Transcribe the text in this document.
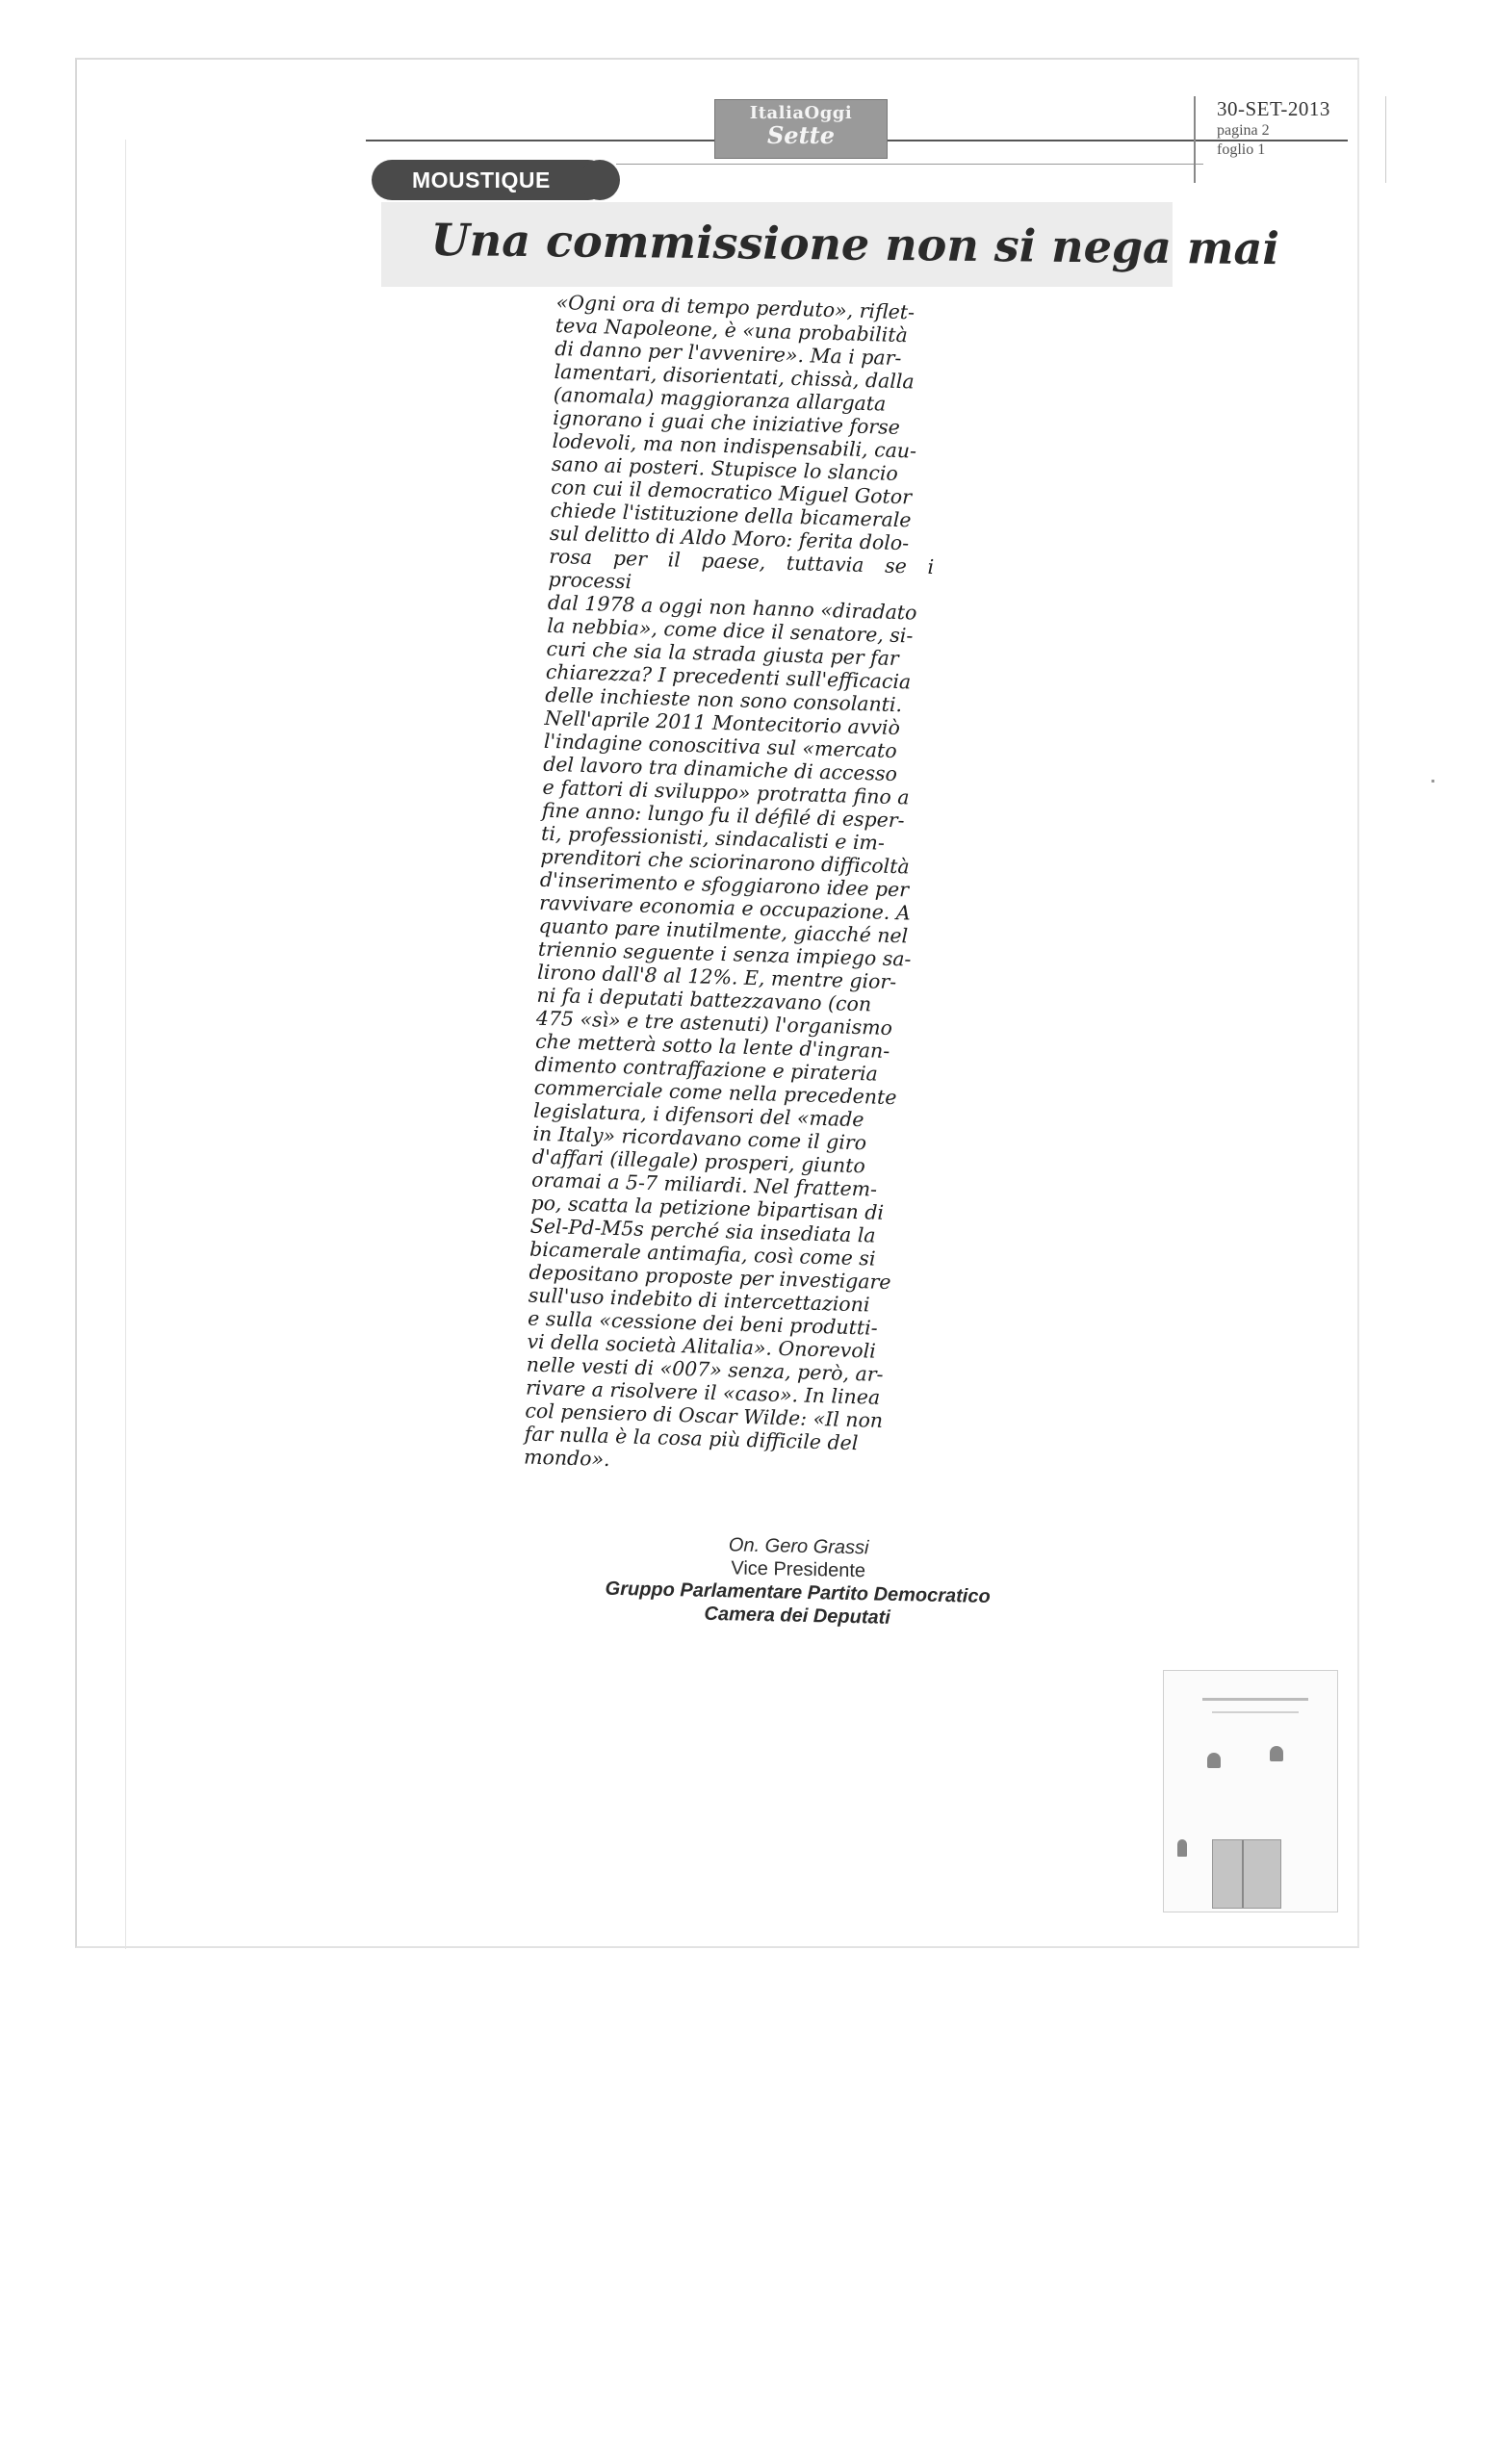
ItaliaOggi
Sette
30-SET-2013
pagina 2
foglio 1
MOUSTIQUE
Una commissione non si nega mai

«Ogni ora di tempo perduto», riflet-
teva Napoleone, è «una probabilità
di danno per l'avvenire». Ma i par-
lamentari, disorientati, chissà, dalla
(anomala) maggioranza allargata
ignorano i guai che iniziative forse
lodevoli, ma non indispensabili, cau-
sano ai posteri. Stupisce lo slancio
con cui il democratico Miguel Gotor
chiede l'istituzione della bicamerale
sul delitto di Aldo Moro: ferita dolo-
rosa per il paese, tuttavia se i processi
dal 1978 a oggi non hanno «diradato
la nebbia», come dice il senatore, si-
curi che sia la strada giusta per far
chiarezza? I precedenti sull'efficacia
delle inchieste non sono consolanti.
Nell'aprile 2011 Montecitorio avviò
l'indagine conoscitiva sul «mercato
del lavoro tra dinamiche di accesso
e fattori di sviluppo» protratta fino a
fine anno: lungo fu il défilé di esper-
ti, professionisti, sindacalisti e im-
prenditori che sciorinarono difficoltà
d'inserimento e sfoggiarono idee per
ravvivare economia e occupazione. A
quanto pare inutilmente, giacché nel
triennio seguente i senza impiego sa-
lirono dall'8 al 12%. E, mentre gior-
ni fa i deputati battezzavano (con
475 «sì» e tre astenuti) l'organismo
che metterà sotto la lente d'ingran-
dimento contraffazione e pirateria
commerciale come nella precedente
legislatura, i difensori del «made
in Italy» ricordavano come il giro
d'affari (illegale) prosperi, giunto
oramai a 5-7 miliardi. Nel frattem-
po, scatta la petizione bipartisan di
Sel-Pd-M5s perché sia insediata la
bicamerale antimafia, così come si
depositano proposte per investigare
sull'uso indebito di intercettazioni
e sulla «cessione dei beni produtti-
vi della società Alitalia». Onorevoli
nelle vesti di «007» senza, però, ar-
rivare a risolvere il «caso». In linea
col pensiero di Oscar Wilde: «Il non
far nulla è la cosa più difficile del
mondo».

On. Gero Grassi
Vice Presidente
Gruppo Parlamentare Partito Democratico
Camera dei Deputati
